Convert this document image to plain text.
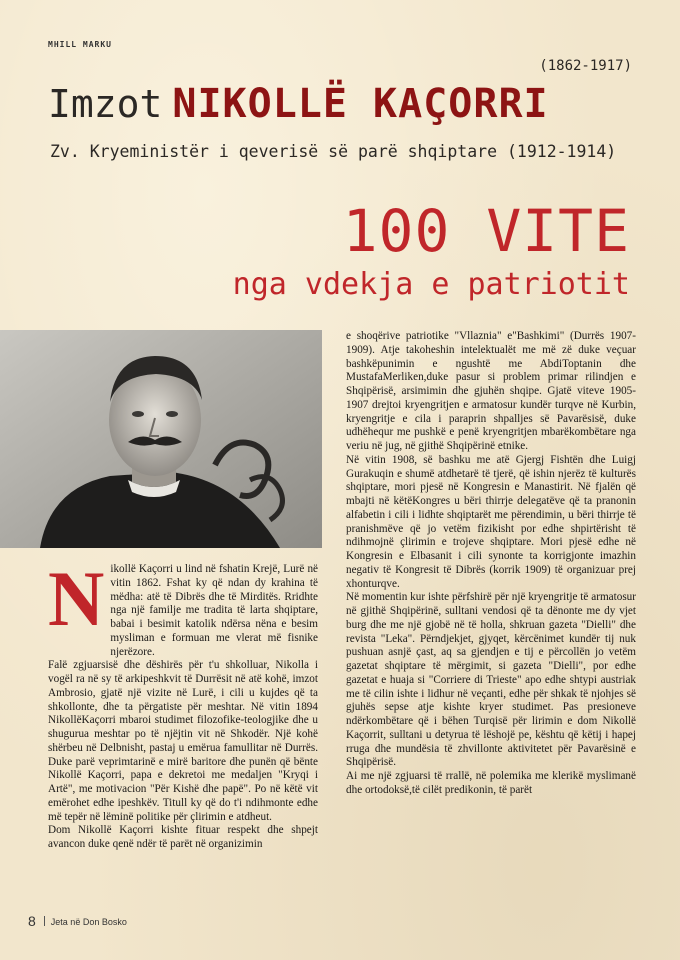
MHILL MARKU
(1862-1917)
Imzot NIKOLLË KAÇORRI
Zv. Kryeministër i qeverisë së parë shqiptare (1912-1914)
100 VITE
nga vdekja e patriotit
N ikollë Kaçorri u lind në fshatin Krejë, Lurë në vitin 1862. Fshat ky që ndan dy krahina të mëdha: atë të Dibrës dhe të Mirditës. Rridhte nga një familje me tradita të larta shqiptare, babai i besimit katolik ndërsa nëna e besim mysliman e formuan me vlerat më fisnike njerëzore.

Falë zgjuarsisë dhe dëshirës për t'u shkolluar, Nikolla i vogël ra në sy të arkipeshkvit të Durrësit në atë kohë, imzot Ambrosio, gjatë një vizite në Lurë, i cili u kujdes që ta shkollonte, dhe ta përgatiste për meshtar. Në vitin 1894 NikollëKaçorri mbaroi studimet filozofike-teologjike dhe u shugurua meshtar po të njëjtin vit në Shkodër. Një kohë shërbeu në Delbnisht, pastaj u emërua famullitar në Durrës. Duke parë veprimtarinë e mirë baritore dhe punën që bënte Nikollë Kaçorri, papa e dekretoi me medaljen "Kryqi i Artë", me motivacion "Për Kishë dhe papë". Po në këtë vit emërohet edhe ipeshkëv. Titull ky që do t'i ndihmonte edhe më tepër në lëminë politike për çlirimin e atdheut.

Dom Nikollë Kaçorri kishte fituar respekt dhe shpejt avancon duke qenë ndër të parët në organizimin

e shoqërive patriotike "Vllaznia" e"Bashkimi" (Durrës 1907-1909). Atje takoheshin intelektualët me më zë duke veçuar bashkëpunimin e ngushtë me AbdiToptanin dhe MustafaMerliken,duke pasur si problem primar rilindjen e Shqipërisë, arsimimin dhe gjuhën shqipe. Gjatë viteve 1905-1907 drejtoi kryengritjen e armatosur kundër turqve në Kurbin, kryengritje e cila i paraprin shpalljes së Pavarësisë, duke udhëhequr me pushkë e penë kryengritjen mbarëkombëtare nga veriu në jug, në gjithë Shqipërinë etnike.

Në vitin 1908, së bashku me atë Gjergj Fishtën dhe Luigj Gurakuqin e shumë atdhetarë të tjerë, që ishin njerëz të kulturës shqiptare, mori pjesë në Kongresin e Manastirit. Në fjalën që mbajti në këtëKongres u bëri thirrje delegatëve që ta pranonin alfabetin i cili i lidhte shqiptarët me përendimin, u bëri thirrje të pranishmëve që jo vetëm fizikisht por edhe shpirtërisht të ndihmojnë çlirimin e trojeve shqiptare. Mori pjesë edhe në Kongresin e Elbasanit i cili synonte ta korrigjonte imazhin negativ të Kongresit të Dibrës (korrik 1909) të organizuar prej xhonturqve.

Në momentin kur ishte përfshirë për një kryengritje të armatosur në gjithë Shqipërinë, sulltani vendosi që ta dënonte me dy vjet burg dhe me një gjobë në të holla, shkruan gazeta "Dielli" dhe revista "Leka". Përndjekjet, gjyqet, kërcënimet kundër tij nuk pushuan asnjë çast, aq sa gjendjen e tij e përcollën jo vetëm gazetat shqiptare të mërgimit, si gazeta "Dielli", por edhe gazetat e huaja si "Corriere di Trieste" apo edhe shtypi austriak me të cilin ishte i lidhur në veçanti, edhe për shkak të njohjes së gjuhës sepse atje kishte kryer studimet. Pas presioneve ndërkombëtare që i bëhen Turqisë për lirimin e dom Nikollë Kaçorrit, sulltani u detyrua të lëshojë pe, kështu që këtij i hapej rruga dhe mundësia të zhvillonte aktivitetet për Pavarësinë e Shqipërisë.

Ai me një zgjuarsi të rrallë, në polemika me klerikë myslimanë dhe ortodoksë,të cilët predikonin, të parët

8 Jeta në Don Bosko
